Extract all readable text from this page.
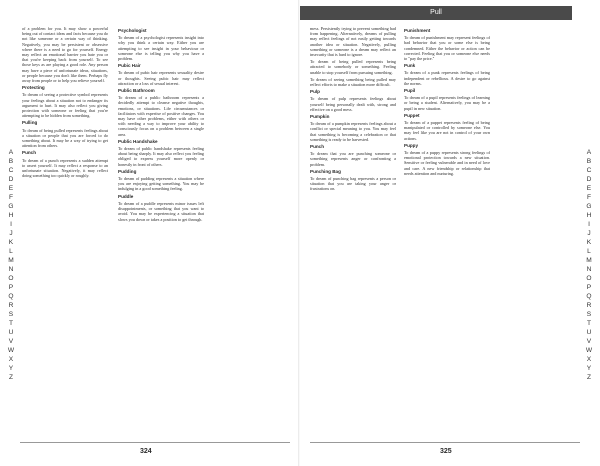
A
B
C
D
E
F
G
H
I
J
K
L
M
N
O
P
Q
R
S
T
U
V
W
X
Y
Z

of a problem for you. It may show a powerful being out of contact ideas and facts because you do not like someone or a certain way of thinking. Negatively, you may be persistent or obsessive where there is a need to go for yourself. Energy may reflect an emotional barrier you hate you or that you're keeping back from yourself. To see those keys as are playing a good role. Any person may have a piece of unfortunate ideas, situations, or people because you don't like them. Perhaps fly away from people or to help you relieve yourself.

Protecting

To dream of seeing a protective symbol represents your feelings about a situation not to endanger its argument to hurt. It may also reflect you giving protection with someone or feeling that you're attempting to be hidden from something.

Pulling

To dream of being pulled represents feelings about a situation or people that you are forced to do something about. It may be a way of trying to get attention from others.

Punch

To dream of a punch represents a sudden attempt to assert yourself. It may reflect a response to an unfortunate situation. Negatively, it may reflect doing something too quickly or roughly.

Psychologist

To dream of a psychologist represents insight into why you think a certain way. Either you are attempting to see insight in your behaviour or someone else is telling you why you have a problem.

Pubic Hair

To dream of pubic hair represents sexuality desire or thoughts. Seeing pubic hair may reflect attraction or a loss of sexual interest.

Public Bathroom

To dream of a public bathroom represents a decidedly attempt to cleanse negative thoughts, emotions, or situations. Life circumstances or facilitators with expertise of positive changes. You may have other problems, either with others or with needing a way to improve your ability to consciously focus on a problem between a single area.

Public Handshake

To dream of public handshake represents feeling about being sharply. It may also reflect you feeling obliged to express yourself more openly or honestly in front of others.

Pudding

To dream of pudding represents a situation where you are enjoying getting something. You may be indulging in a good something feeling.

Puddle

To dream of a puddle represents minor issues left disappointments, or something that you want to avoid. You may be experiencing a situation that slows you down or takes a position to get through.

324
Pull

mess. Persistently trying to prevent something bad from happening. Alternatively, dreams of pulling may reflect feelings of not easily getting towards another idea or situation. Negatively, pulling something or someone is a dream may reflect an insecurity that is hard to ignore.

To dream of being pulled represents being attracted to somebody or something. Feeling unable to stop yourself from pursuing something.

To dream of seeing something being pulled may reflect efforts to make a situation more difficult.

Pulp

To dream of pulp represents feelings about yourself being personally dealt with, strong and effective on a good mess.

Pumpkin

To dream of a pumpkin represents feelings about a conflict or special meaning to you. You may feel that something is becoming a celebration or that something is ready to be harvested.

Punch

To dream that you are punching someone or something represents anger or confronting a problem.

Punching Bag

To dream of punching bag represents a person or situation that you are taking your anger or frustrations on.

Punishment

To dream of punishment may represent feelings of bad behavior that you or some else is being condemned. Either the behavior or action can be corrected. Feeling that you or someone else needs to "pay the price."

Punk

To dream of a punk represents feelings of being independent or rebellious. A desire to go against the norms.

Pupil

To dream of a pupil represents feelings of learning or being a student. Alternatively, you may be a pupil in new situation.

Puppet

To dream of a puppet represents feeling of being manipulated or controlled by someone else. You may feel like you are not in control of your own actions.

Puppy

To dream of a puppy represents strong feelings of emotional protection towards a new situation. Sensitive or feeling vulnerable and in need of love and care. A new friendship or relationship that needs attention and nurturing.

325
A
B
C
D
E
F
G
H
I
J
K
L
M
N
O
P
Q
R
S
T
U
V
W
X
Y
Z
